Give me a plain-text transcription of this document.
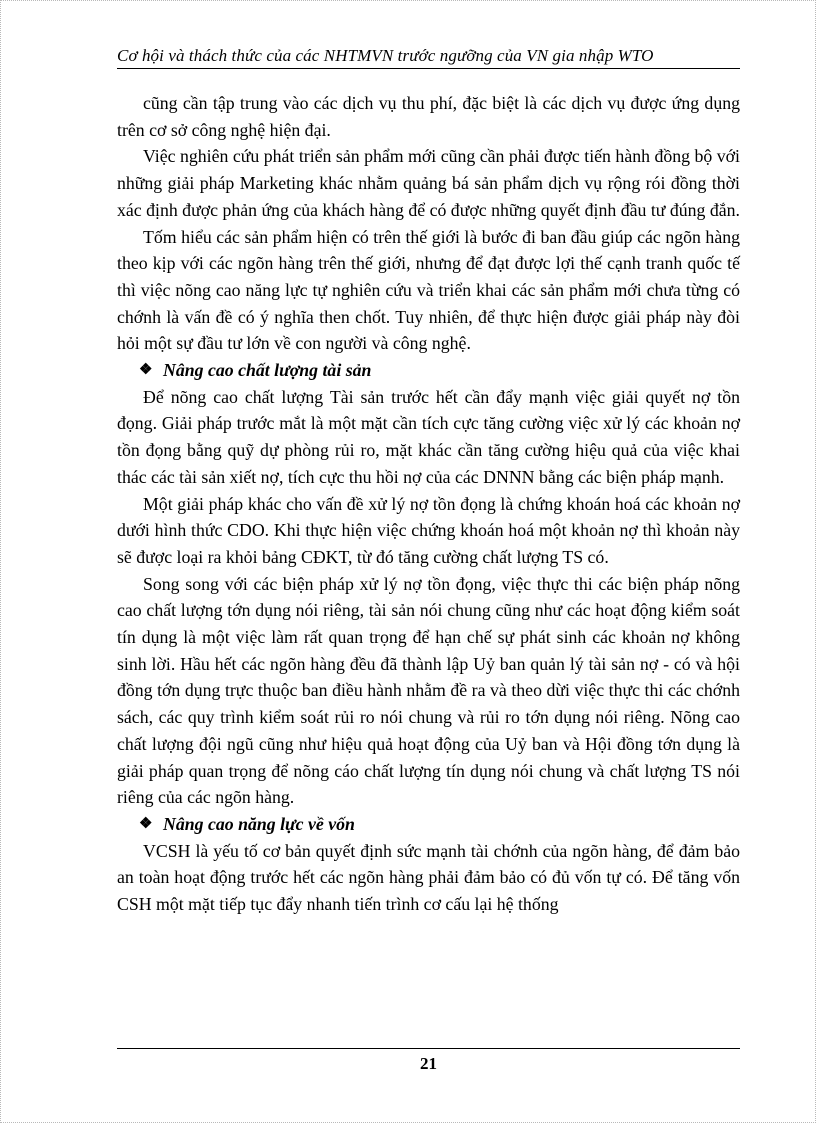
Cơ hội và thách thức của các NHTMVN trước ngưỡng của VN gia nhập WTO

cũng cần tập trung vào các dịch vụ thu phí, đặc biệt là các dịch vụ được ứng dụng trên cơ sở công nghệ hiện đại.

Việc nghiên cứu phát triển sản phẩm mới cũng cần phải được tiến hành đồng bộ với những giải pháp Marketing khác nhằm quảng bá sản phẩm dịch vụ rộng rói đồng thời xác định được phản ứng của khách hàng để có được những quyết định đầu tư đúng đắn.

Tốm hiểu các sản phẩm hiện có trên thế giới là bước đi ban đầu giúp các ngõn hàng theo kịp với các ngõn hàng trên thế giới, nhưng để đạt được lợi thế cạnh tranh quốc tế thì việc nõng cao năng lực tự nghiên cứu và triển khai các sản phẩm mới chưa từng có chớnh là vấn đề có ý nghĩa then chốt. Tuy nhiên, để thực hiện được giải pháp này đòi hỏi một sự đầu tư lớn về con người và công nghệ.

❖ Nâng cao chất lượng tài sản

Để nõng cao chất lượng Tài sản trước hết cần đẩy mạnh việc giải quyết nợ tồn đọng. Giải pháp trước mắt là một mặt cần tích cực tăng cường việc xử lý các khoản nợ tồn đọng bằng quỹ dự phòng rủi ro, mặt khác cần tăng cường hiệu quả của việc khai thác các tài sản xiết nợ, tích cực thu hồi nợ của các DNNN bằng các biện pháp mạnh.

Một giải pháp khác cho vấn đề xử lý nợ tồn đọng là chứng khoán hoá các khoản nợ dưới hình thức CDO. Khi thực hiện việc chứng khoán hoá một khoản nợ thì khoản này sẽ được loại ra khỏi bảng CĐKT, từ đó tăng cường chất lượng TS có.

Song song với các biện pháp xử lý nợ tồn đọng, việc thực thi các biện pháp nõng cao chất lượng tớn dụng nói riêng, tài sản nói chung cũng như các hoạt động kiểm soát tín dụng là một việc làm rất quan trọng để hạn chế sự phát sinh các khoản nợ không sinh lời. Hầu hết các ngõn hàng đều đã thành lập Uỷ ban quản lý tài sản nợ - có và hội đồng tớn dụng trực thuộc ban điều hành nhằm đề ra và theo dừi việc thực thi các chớnh sách, các quy trình kiểm soát rủi ro nói chung và rủi ro tớn dụng nói riêng. Nõng cao chất lượng đội ngũ cũng như hiệu quả hoạt động của Uỷ ban và Hội đồng tớn dụng là giải pháp quan trọng để nõng cáo chất lượng tín dụng nói chung và chất lượng TS nói riêng của các ngõn hàng.

❖ Nâng cao năng lực về vốn

VCSH là yếu tố cơ bản quyết định sức mạnh tài chớnh của ngõn hàng, để đảm bảo an toàn hoạt động trước hết các ngõn hàng phải đảm bảo có đủ vốn tự có. Để tăng vốn CSH một mặt tiếp tục đẩy nhanh tiến trình cơ cấu lại hệ thống

21
